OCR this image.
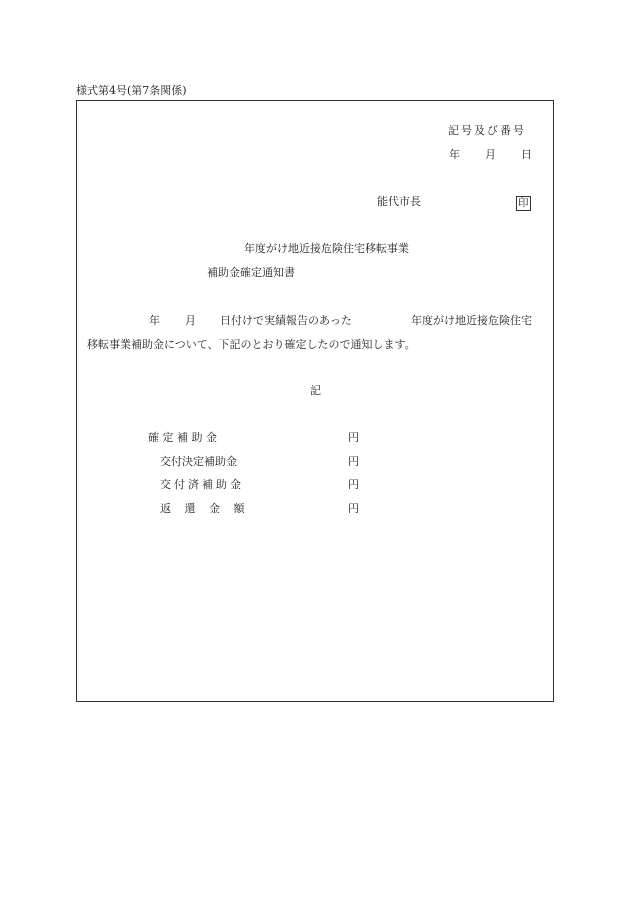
様式第4号(第7条関係)
記号及び番号
年 月 日
能代市長	印
年度がけ地近接危険住宅移転事業
補助金確定通知書
年 月 日付けで実績報告のあった	年度がけ地近接危険住宅
移転事業補助金について、下記のとおり確定したので通知します。
記
確 定 補 助 金	円
交付決定補助金	円
交付済補助金	円
返 還 金 額	円
